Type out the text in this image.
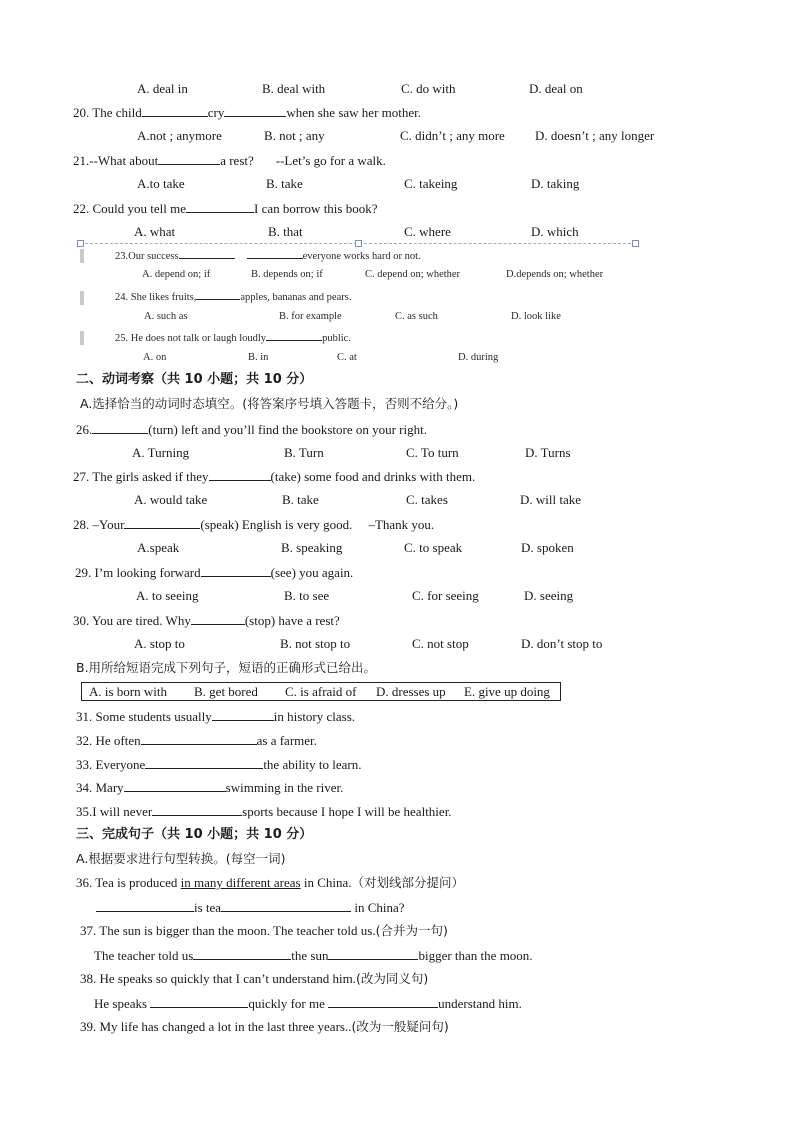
A. deal in	B. deal with	C. do with	D. deal on
20. The child	cry	when she saw her mother.
A.not ; anymore	B. not ; any	C. didn’t ; any more D. doesn’t ; any longer
21.--What about	a rest? --Let’s go for a walk.
A.to take	B. take	C. takeing	D. taking
22. Could you tell me	I can borrow this book?
A. what	B. that	C. where	D. which
23.Our success	everyone works hard or not.
A. depend on; if	B. depends on; if	C. depend on; whether	D.depends on; whether
24. She likes fruits,	apples, bananas and pears.
A. such as	B. for example	C. as such	D. look like
25. He does not talk or laugh loudly	public.
A. on	B. in	C. at	D. during
二、动词考察（共 10 小题；共 10 分）
A.选择恰当的动词时态填空。(将答案序号填入答题卡，否则不给分。)
26.	(turn) left and you’ll find the bookstore on your right.
A. Turning	B. Turn	C. To turn	D. Turns
27. The girls asked if they	(take) some food and drinks with them.
A. would take	B. take	C. takes	D. will take
28. –Your	(speak) English is very good. –Thank you.
A.speak	B. speaking	C. to speak	D. spoken
29. I’m looking forward	(see) you again.
A. to seeing	B. to see	C. for seeing	D. seeing
30. You are tired. Why	(stop) have a rest?
A. stop to	B. not stop to	C. not stop	D. don’t stop to
B.用所给短语完成下列句子，短语的正确形式已给出。
A. is born with B. get bored C. is afraid of D. dresses up E. give up doing
31. Some students usually	in history class.
32. He often	as a farmer.
33. Everyone	the ability to learn.
34. Mary	swimming in the river.
35.I will never	sports because I hope I will be healthier.
三、完成句子（共 10 小题；共 10 分）
A.根据要求进行句型转换。(每空一词)
36. Tea is produced in many different areas in China.（对划线部分提问）
is tea	in China?
37. The sun is bigger than the moon. The teacher told us.(合并为一句)
The teacher told us	the sun	bigger than the moon.
38. He speaks so quickly that I can’t understand him.(改为同义句)
He speaks	quickly for me	understand him.
39. My life has changed a lot in the last three years..(改为一般疑问句)
